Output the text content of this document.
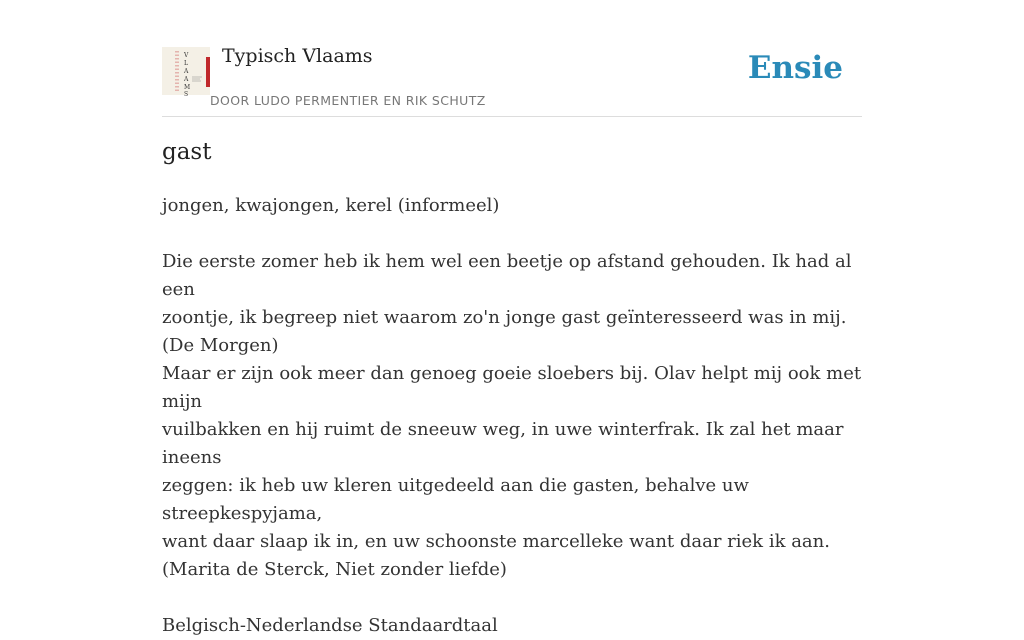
V
L
A
A
M
S
Typisch Vlaams
DOOR LUDO PERMENTIER EN RIK SCHUTZ
Ensie
gast
jongen, kwajongen, kerel (informeel)
Die eerste zomer heb ik hem wel een beetje op afstand gehouden. Ik had al een
zoontje, ik begreep niet waarom zo'n jonge gast geïnteresseerd was in mij.
(De Morgen)
Maar er zijn ook meer dan genoeg goeie sloebers bij. Olav helpt mij ook met mijn
vuilbakken en hij ruimt de sneeuw weg, in uwe winterfrak. Ik zal het maar ineens
zeggen: ik heb uw kleren uitgedeeld aan die gasten, behalve uw streepkespyjama,
want daar slaap ik in, en uw schoonste marcelleke want daar riek ik aan.
(Marita de Sterck, Niet zonder liefde)
Belgisch-Nederlandse Standaardtaal
